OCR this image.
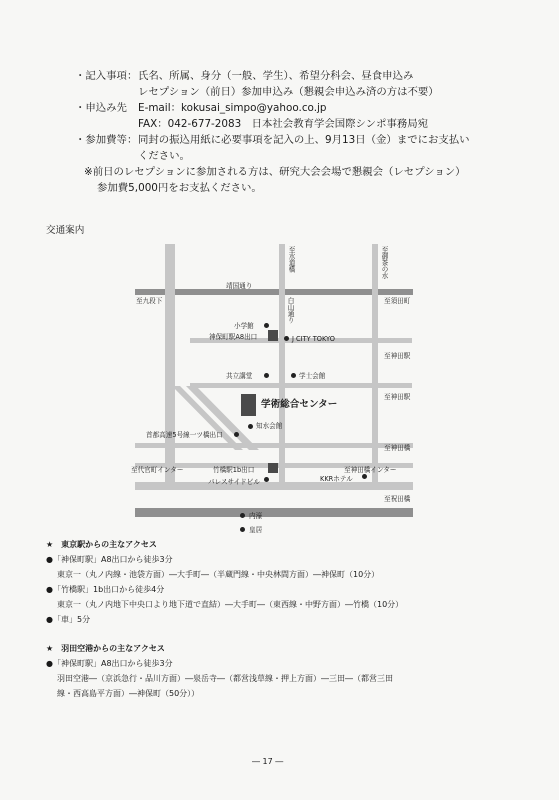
・記入事項： 氏名、所属、身分（一般、学生）、希望分科会、昼食申込み
レセプション（前日）参加申込み（懇親会申込み済の方は不要）
・申込み先 E-mail：kokusai_simpo@yahoo.co.jp
FAX：042-677-2083　日本社会教育学会国際シンポ事務局宛
・参加費等： 同封の振込用紙に必要事項を記入の上、9月13日（金）までにお支払い
ください。
※前日のレセプションに参加される方は、研究大会会場で懇親会（レセプション）
参加費5,000円をお支払ください。
交通案内
至九段下
靖国通り
至水道橋	至御茶の水
白山通り	至須田町
小学館
神保町駅A8出口	J CITY TOKYO
至神田駅
共立講堂	学士会館
至神田駅
学術総合センター
知水会館
首都高速5号線一ツ橋出口
至神田橋
至代官町インター	竹橋駅1b出口	至神田橋インター
パレスサイドビル	KKRホテル
至祝田橋
内濠
皇居
★　東京駅からの主なアクセス
●「神保町駅」A8出口から徒歩3分
東京一（丸ノ内線・池袋方面）―大手町―（半蔵門線・中央林間方面）―神保町（10分）
●「竹橋駅」1b出口から徒歩4分
東京一（丸ノ内地下中央口より地下道で直結）―大手町―（東西線・中野方面）―竹橋（10分）
●「車」5分
★　羽田空港からの主なアクセス
●「神保町駅」A8出口から徒歩3分
羽田空港―（京浜急行・品川方面）―泉岳寺―（都営浅草線・押上方面）―三田―（都営三田
線・西高島平方面）―神保町（50分））
― 17 ―
